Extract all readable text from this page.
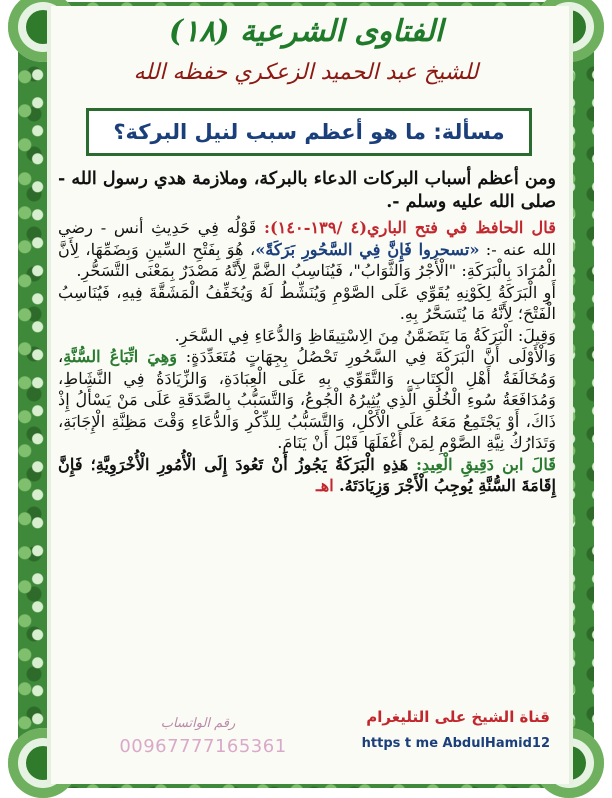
الفتاوى الشرعية (١٨)
للشيخ عبد الحميد الزعكري حفظه الله
مسألة: ما هو أعظم سبب لنيل البركة؟

ومن أعظم أسباب البركات الدعاء بالبركة، وملازمة هدي رسول الله - صلى الله عليه وسلم -.

قال الحافظ في فتح الباري(٤ /١٣٩-١٤٠): قَوْلُه فِي حَدِيثِ أنس - رضي الله عنه -: «تسحروا فَإِنَّ فِي السَّحُورِ بَرَكَةً»، هُوَ بِفَتْحِ السِّينِ وَبِضَمِّهَا، لِأَنَّ الْمُرَادَ بِالْبَرَكَةِ: "الْأَجْرُ وَالثَّوَابُ"، فَيُنَاسِبُ الضَّمَّ لِأَنَّهُ مَصْدَرٌ بِمَعْنَى التَّسَحُّرِ.

أَوِ الْبَرَكَةُ لِكَوْنِهِ يُقَوِّي عَلَى الصَّوْمِ وَيُنَشِّطُ لَهُ وَيُخَفِّفُ الْمَشَقَّةَ فِيهِ، فَيُنَاسِبُ الْفَتْحَ؛ لِأَنَّهُ مَا يُتَسَحَّرُ بِهِ.

وَقِيلَ: الْبَرَكَةُ مَا يَتَضَمَّنُ مِنَ الِاسْتِيقَاظِ وَالدُّعَاءِ فِي السَّحَرِ.

وَالْأَوْلَى أَنَّ الْبَرَكَةَ فِي السَّحُورِ تَحْصُلُ بِجِهَاتٍ مُتَعَدِّدَةٍ: وَهِيَ اتِّبَاعُ السُّنَّةِ، وَمُخَالَفَةُ أَهْلِ الْكِتَابِ، وَالتَّقَوِّي بِهِ عَلَى الْعِبَادَةِ، وَالزِّيَادَةُ فِي النَّشَاطِ، وَمُدَافَعَةُ سُوءِ الْخُلُقِ الَّذِي يُثِيرُهُ الْجُوعُ، وَالتَّسَبُّبُ بِالصَّدَقَةِ عَلَى مَنْ يَسْأَلُ إِذْ ذَاكَ، أَوْ يَجْتَمِعُ مَعَهُ عَلَى الْأَكْلِ، وَالتَّسَبُّبُ لِلذِّكْرِ وَالدُّعَاءِ وَقْتَ مَظِنَّةِ الْإِجَابَةِ، وَتَدَارُكُ نِيَّةِ الصَّوْمِ لِمَنْ أَغْفَلَهَا قَبْلَ أَنْ يَنَامَ.

قَالَ ابن دَقِيقِ الْعِيدِ: هَذِهِ الْبَرَكَةُ يَجُوزُ أَنْ تَعُودَ إِلَى الْأُمُورِ الْأُخْرَوِيَّةِ؛ فَإِنَّ إِقَامَةَ السُّنَّةِ يُوجِبُ الْأَجْرَ وَزِيَادَتَهُ. اهـ

قناة الشيخ على التليغرام
https t me AbdulHamid12
رقم الواتساب
00967777165361
